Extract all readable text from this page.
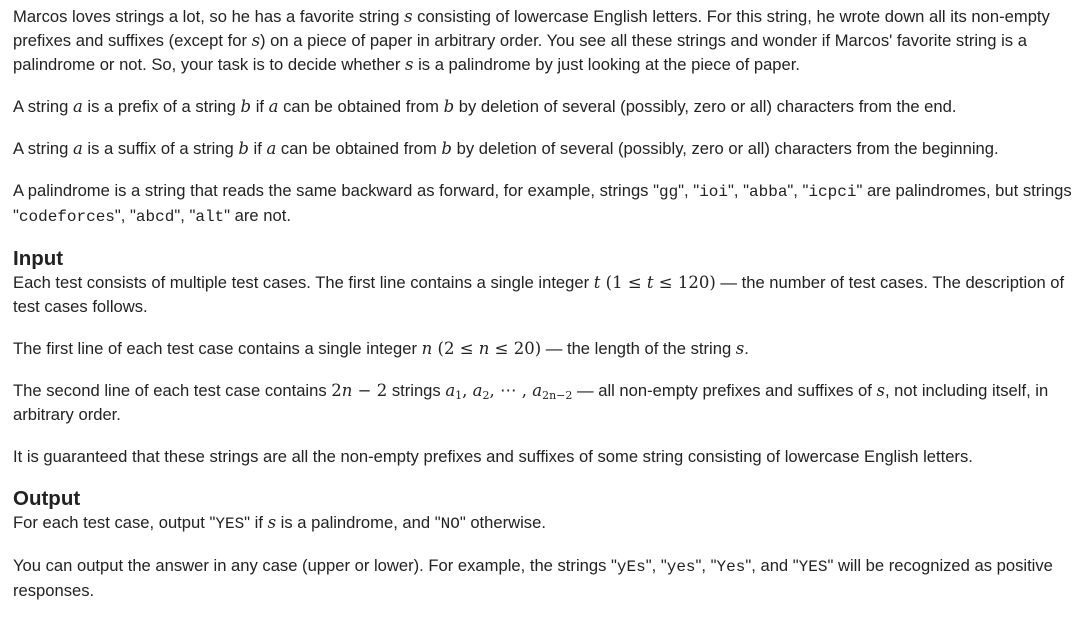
Marcos loves strings a lot, so he has a favorite string s consisting of lowercase English letters. For this string, he wrote down all its non-empty prefixes and suffixes (except for s) on a piece of paper in arbitrary order. You see all these strings and wonder if Marcos' favorite string is a palindrome or not. So, your task is to decide whether s is a palindrome by just looking at the piece of paper.

A string a is a prefix of a string b if a can be obtained from b by deletion of several (possibly, zero or all) characters from the end.

A string a is a suffix of a string b if a can be obtained from b by deletion of several (possibly, zero or all) characters from the beginning.

A palindrome is a string that reads the same backward as forward, for example, strings "gg", "ioi", "abba", "icpci" are palindromes, but strings "codeforces", "abcd", "alt" are not.

Input

Each test consists of multiple test cases. The first line contains a single integer t (1 ≤ t ≤ 120) — the number of test cases. The description of test cases follows.

The first line of each test case contains a single integer n (2 ≤ n ≤ 20) — the length of the string s.

The second line of each test case contains 2n − 2 strings $a_1$, $a_2$, ⋯ , $a_{2n-2}$ — all non-empty prefixes and suffixes of s, not including itself, in arbitrary order.

It is guaranteed that these strings are all the non-empty prefixes and suffixes of some string consisting of lowercase English letters.

Output

For each test case, output "YES" if s is a palindrome, and "NO" otherwise.

You can output the answer in any case (upper or lower). For example, the strings "yEs", "yes", "Yes", and "YES" will be recognized as positive responses.
